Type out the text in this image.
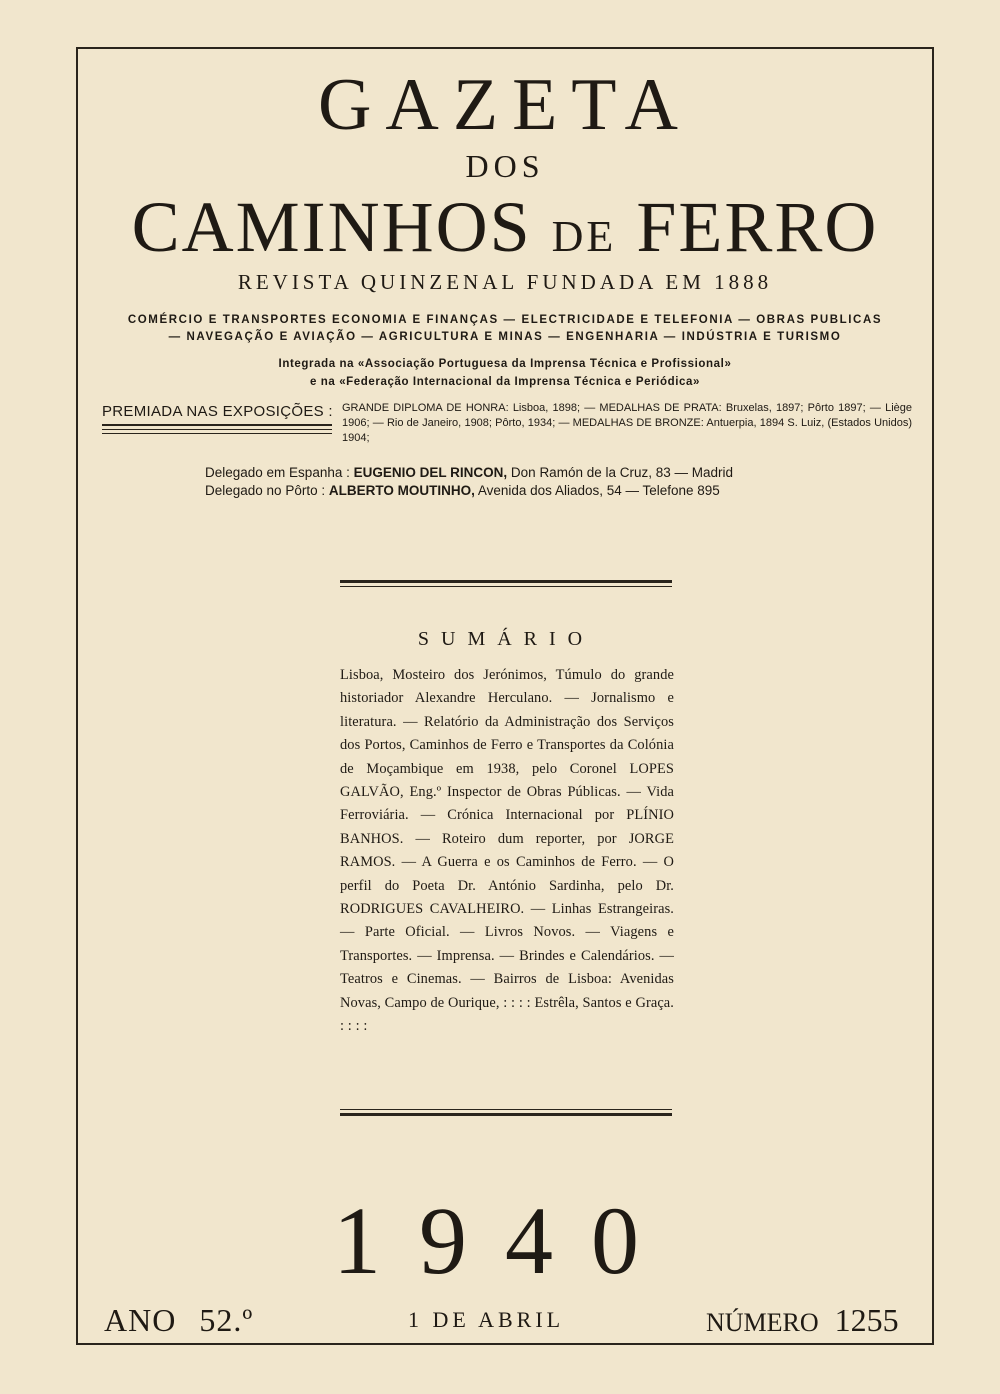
GAZETA
DOS
CAMINHOS DE FERRO
REVISTA QUINZENAL FUNDADA EM 1888
COMÉRCIO E TRANSPORTES ECONOMIA E FINANÇAS — ELECTRICIDADE E TELEFONIA — OBRAS PUBLICAS
— NAVEGAÇÃO E AVIAÇÃO — AGRICULTURA E MINAS — ENGENHARIA — INDÚSTRIA E TURISMO
Integrada na «Associação Portuguesa da Imprensa Técnica e Profissional»
e na «Federação Internacional da Imprensa Técnica e Periódica»
PREMIADA NAS EXPOSIÇÕES : GRANDE DIPLOMA DE HONRA: Lisboa, 1898; — MEDALHAS DE PRATA: Bruxelas, 1897; Pôrto 1897; — Liège 1906; — Rio de Janeiro, 1908; Pôrto, 1934; — MEDALHAS DE BRONZE: Antuerpia, 1894 S. Luiz, (Estados Unidos) 1904;
Delegado em Espanha : EUGENIO DEL RINCON, Don Ramón de la Cruz, 83 — Madrid
Delegado no Pôrto : ALBERTO MOUTINHO, Avenida dos Aliados, 54 — Telefone 895
SUMÁRIO
Lisboa, Mosteiro dos Jerónimos, Túmulo do grande historiador Alexandre Herculano. — Jornalismo e literatura. — Relatório da Administração dos Serviços dos Portos, Caminhos de Ferro e Transportes da Colónia de Moçambique em 1938, pelo Coronel LOPES GALVÃO, Eng.º Inspector de Obras Públicas. — Vida Ferroviária. — Crónica Internacional por PLÍNIO BANHOS. — Roteiro dum reporter, por JORGE RAMOS. — A Guerra e os Caminhos de Ferro. — O perfil do Poeta Dr. António Sardinha, pelo Dr. RODRIGUES CAVALHEIRO. — Linhas Estrangeiras. — Parte Oficial. — Livros Novos. — Viagens e Transportes. — Imprensa. — Brindes e Calendários. — Teatros e Cinemas. — Bairros de Lisboa: Avenidas Novas, Campo de Ourique, : : : : Estrêla, Santos e Graça. : : : :
1940
ANO 52.º	1 DE ABRIL	NÚMERO 1255
